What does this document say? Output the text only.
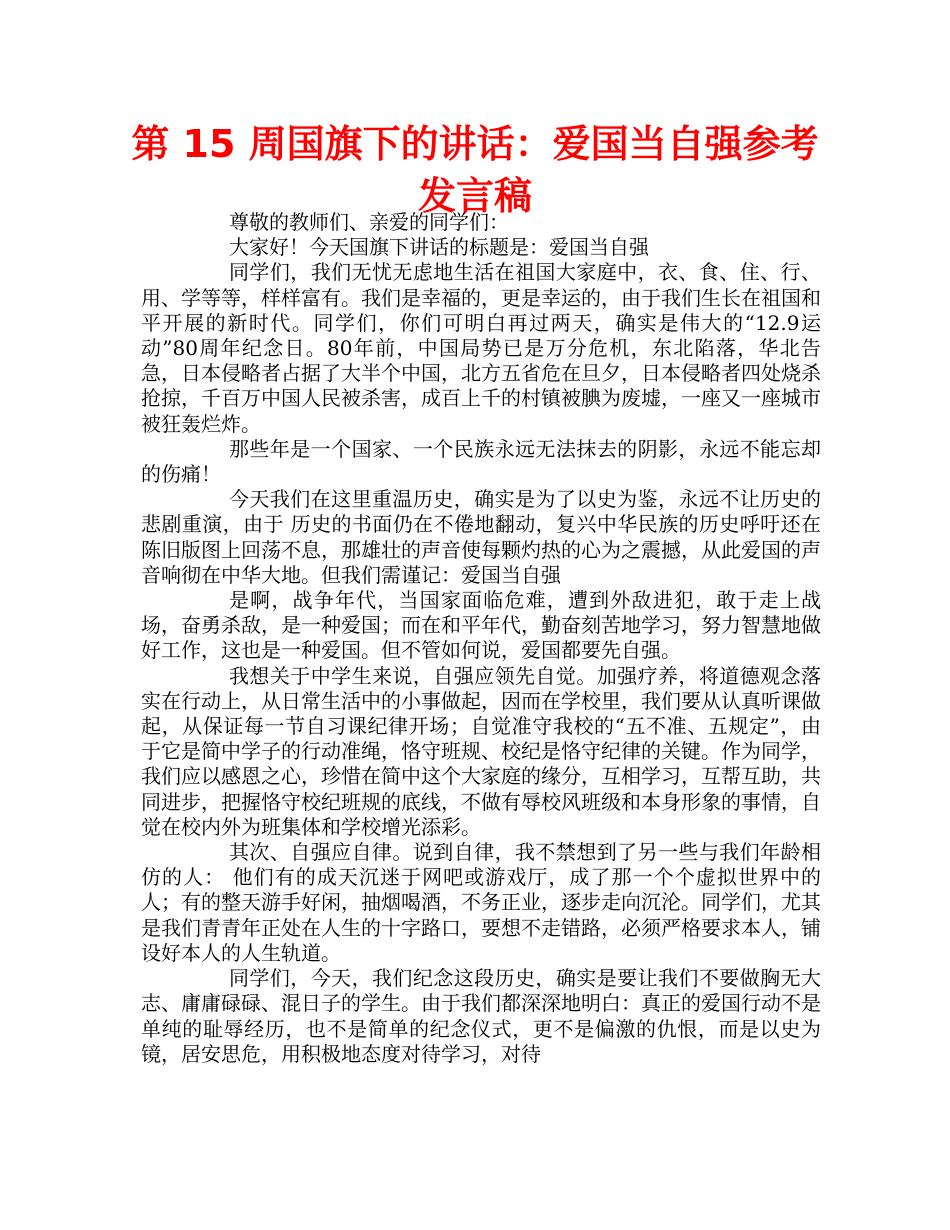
第 15 周国旗下的讲话：爱国当自强参考发言稿

尊敬的教师们、亲爱的同学们：

大家好！今天国旗下讲话的标题是：爱国当自强

同学们，我们无忧无虑地生活在祖国大家庭中，衣、食、住、行、用、学等等，样样富有。我们是幸福的，更是幸运的，由于我们生长在祖国和平开展的新时代。同学们，你们可明白再过两天，确实是伟大的“12.9运动”80周年纪念日。80年前，中国局势已是万分危机，东北陷落，华北告急，日本侵略者占据了大半个中国，北方五省危在旦夕，日本侵略者四处烧杀抢掠，千百万中国人民被杀害，成百上千的村镇被腆为废墟，一座又一座城市被狂轰烂炸。

那些年是一个国家、一个民族永远无法抹去的阴影，永远不能忘却的伤痛！

今天我们在这里重温历史，确实是为了以史为鉴，永远不让历史的悲剧重演，由于 历史的书面仍在不倦地翻动，复兴中华民族的历史呼吁还在陈旧版图上回荡不息，那雄壮的声音使每颗灼热的心为之震撼，从此爱国的声音响彻在中华大地。但我们需谨记：爱国当自强

是啊，战争年代，当国家面临危难，遭到外敌进犯，敢于走上战场，奋勇杀敌，是一种爱国；而在和平年代，勤奋刻苦地学习，努力智慧地做好工作，这也是一种爱国。但不管如何说，爱国都要先自强。

我想关于中学生来说，自强应领先自觉。加强疗养，将道德观念落实在行动上，从日常生活中的小事做起，因而在学校里，我们要从认真听课做起，从保证每一节自习课纪律开场；自觉准守我校的“五不准、五规定”，由于它是简中学子的行动准绳，恪守班规、校纪是恪守纪律的关键。作为同学，我们应以感恩之心，珍惜在简中这个大家庭的缘分，互相学习，互帮互助，共同进步，把握恪守校纪班规的底线，不做有辱校风班级和本身形象的事情，自觉在校内外为班集体和学校增光添彩。

其次、自强应自律。说到自律，我不禁想到了另一些与我们年龄相仿的人： 他们有的成天沉迷于网吧或游戏厅，成了那一个个虚拟世界中的人；有的整天游手好闲，抽烟喝酒，不务正业，逐步走向沉沦。同学们，尤其是我们青青年正处在人生的十字路口，要想不走错路，必须严格要求本人，铺设好本人的人生轨道。

同学们，今天，我们纪念这段历史，确实是要让我们不要做胸无大志、庸庸碌碌、混日子的学生。由于我们都深深地明白：真正的爱国行动不是单纯的耻辱经历，也不是简单的纪念仪式，更不是偏激的仇恨，而是以史为镜，居安思危，用积极地态度对待学习，对待
